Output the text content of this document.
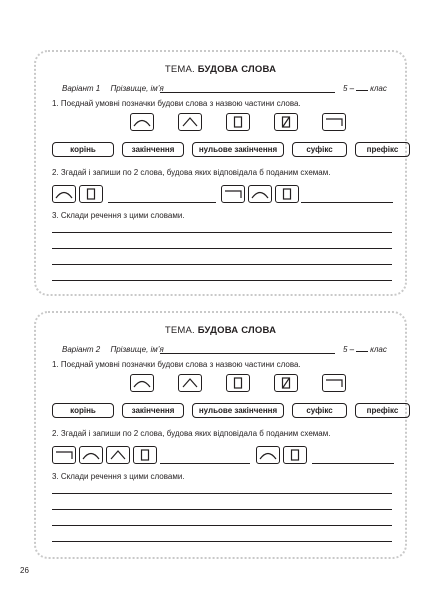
ТЕМА. БУДОВА СЛОВА
Варіант 1 Прізвище, ім’я	5 – клас
1. Поєднай умовні позначки будови слова з назвою частини слова.
корінь	закінчення	нульове закінчення	суфікс	префікс
2. Згадай і запиши по 2 слова, будова яких відповідала б поданим схемам.
3. Склади речення з цими словами.
ТЕМА. БУДОВА СЛОВА
Варіант 2 Прізвище, ім’я	5 – клас
1. Поєднай умовні позначки будови слова з назвою частини слова.
корінь	закінчення	нульове закінчення	суфікс	префікс
2. Згадай і запиши по 2 слова, будова яких відповідала б поданим схемам.
3. Склади речення з цими словами.
26
